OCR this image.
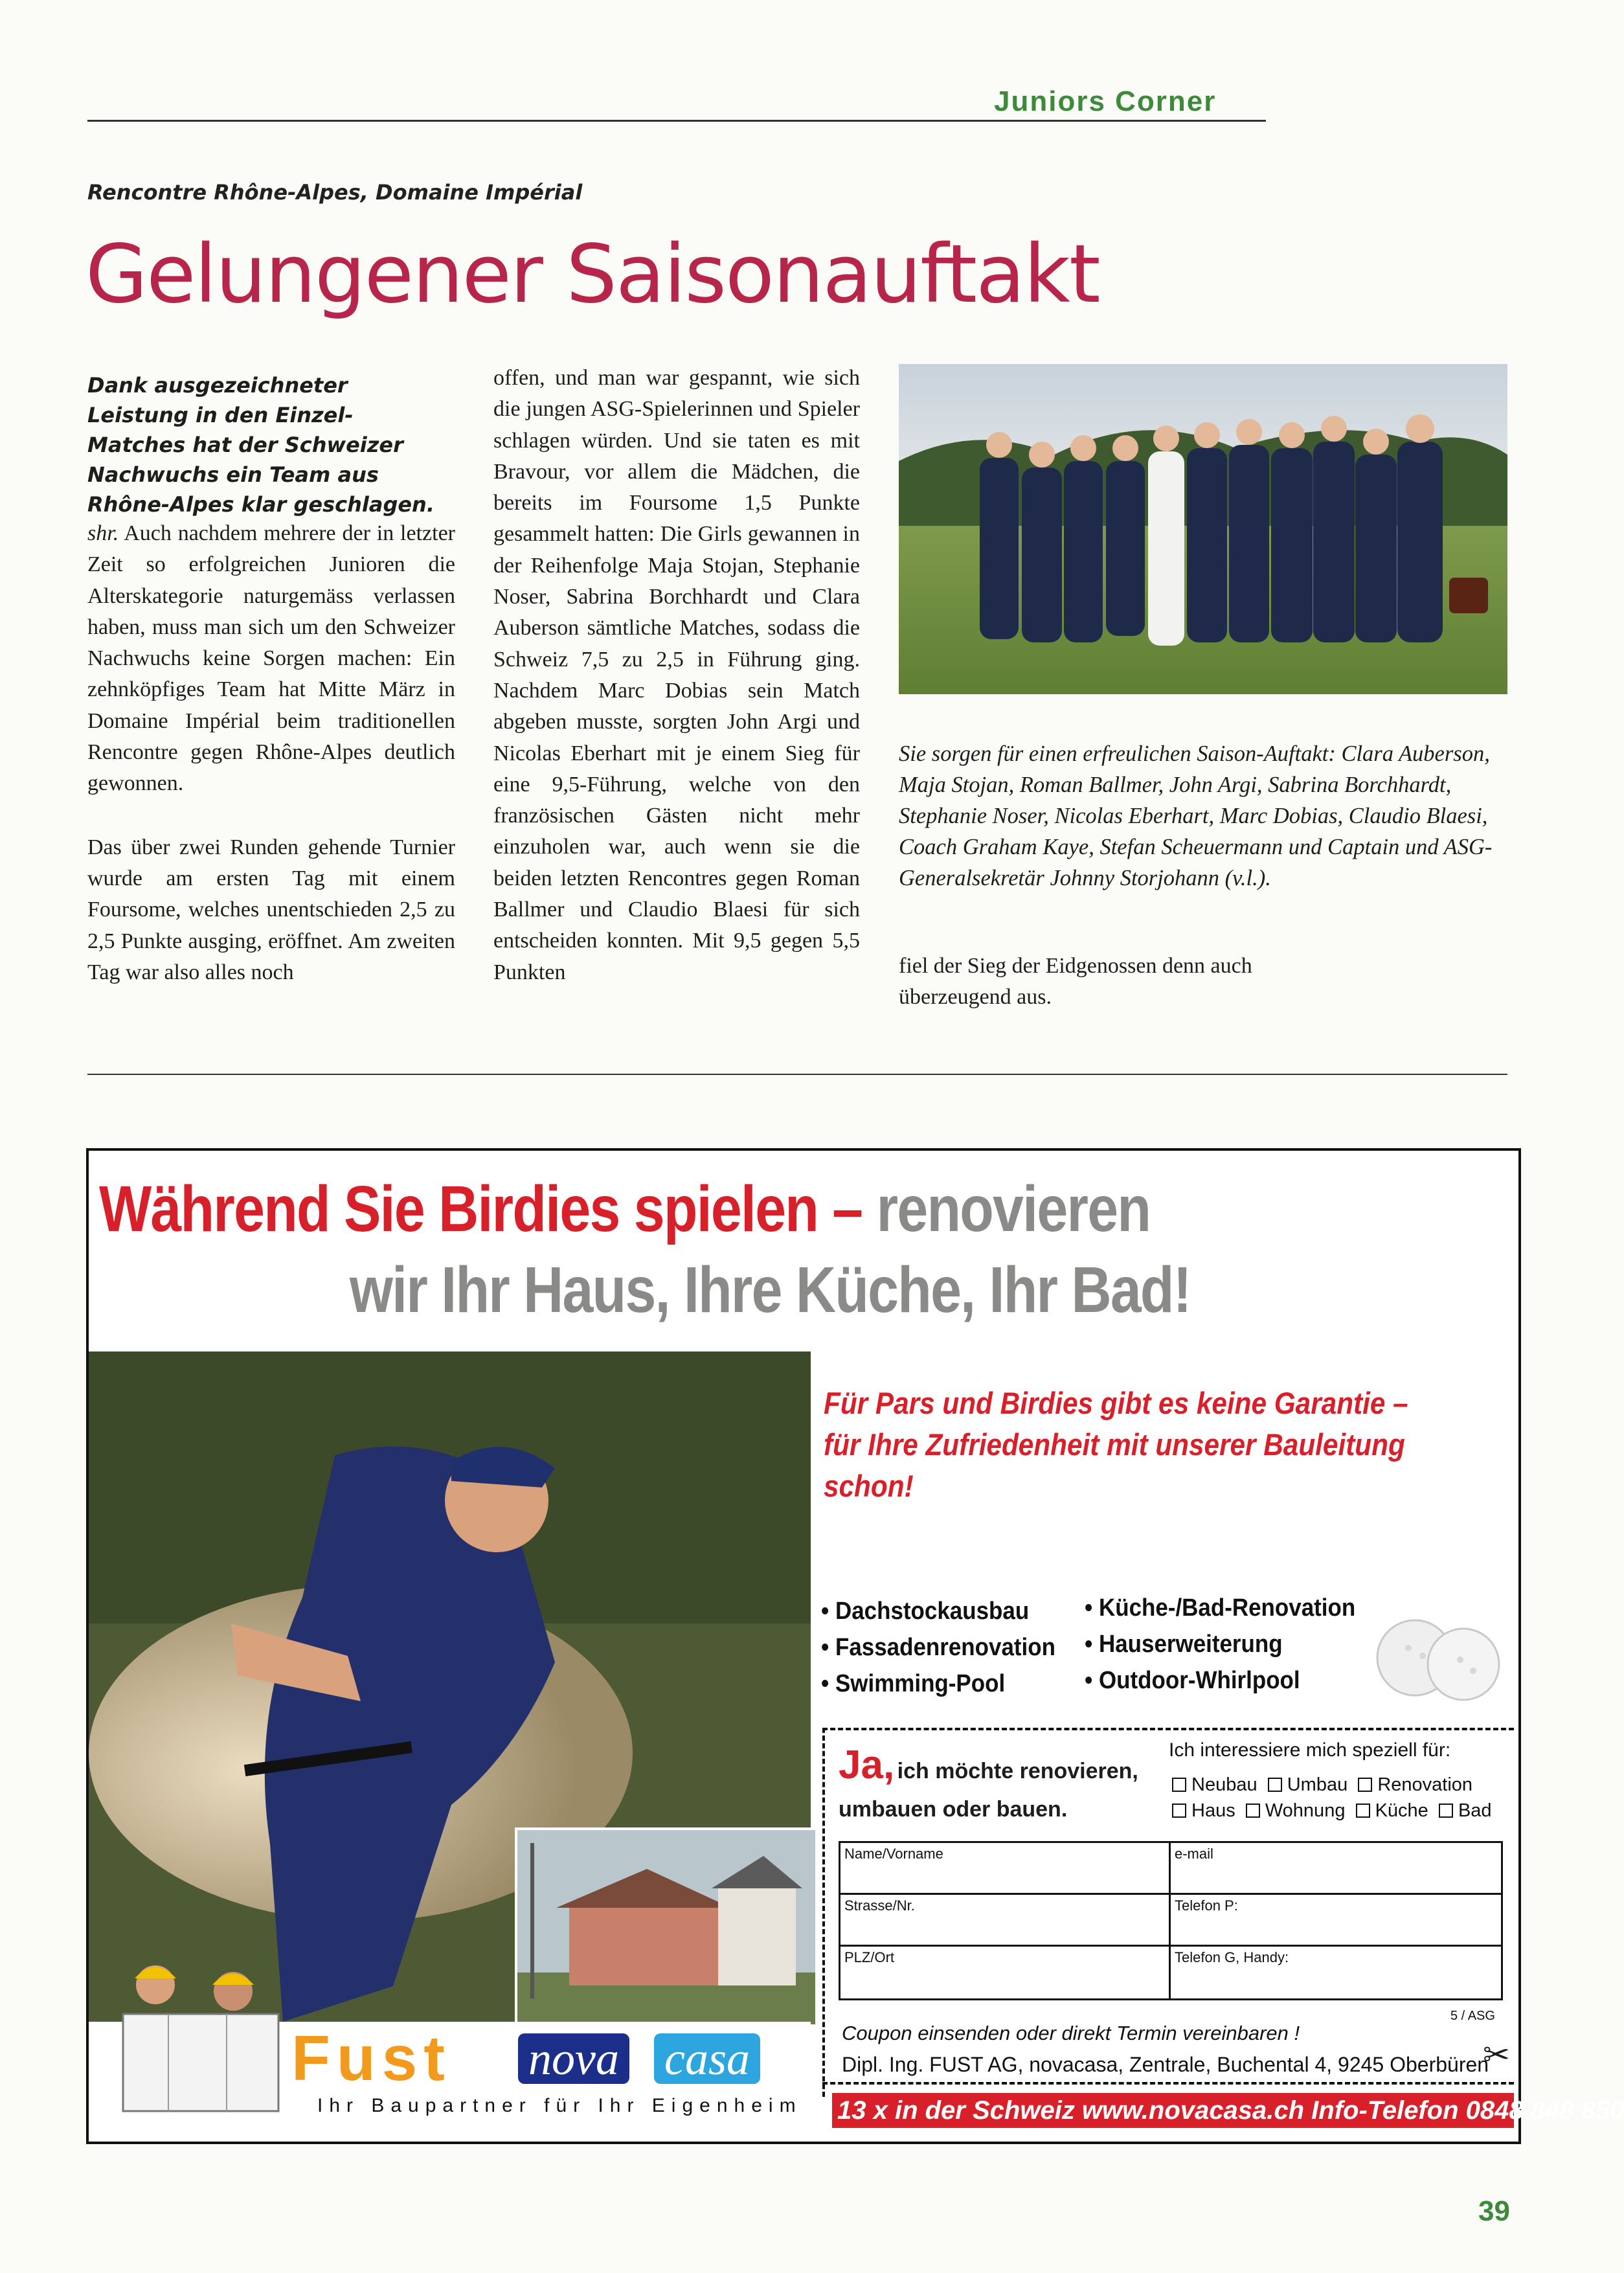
Juniors Corner
Rencontre Rhône-Alpes, Domaine Impérial
Gelungener Saisonauftakt
Dank ausgezeichneter Leistung in den Einzel-Matches hat der Schweizer Nachwuchs ein Team aus Rhône-Alpes klar geschlagen.

shr. Auch nachdem mehrere der in letzter Zeit so erfolgreichen Junioren die Alterskategorie naturgemäss verlassen haben, muss man sich um den Schweizer Nachwuchs keine Sorgen machen: Ein zehnköpfiges Team hat Mitte März in Domaine Impérial beim traditionellen Rencontre gegen Rhône-Alpes deutlich gewonnen.

Das über zwei Runden gehende Turnier wurde am ersten Tag mit einem Foursome, welches unentschieden 2,5 zu 2,5 Punkte ausging, eröffnet. Am zweiten Tag war also alles noch

offen, und man war gespannt, wie sich die jungen ASG-Spielerinnen und Spieler schlagen würden. Und sie taten es mit Bravour, vor allem die Mädchen, die bereits im Foursome 1,5 Punkte gesammelt hatten: Die Girls gewannen in der Reihenfolge Maja Stojan, Stephanie Noser, Sabrina Borchhardt und Clara Auberson sämtliche Matches, sodass die Schweiz 7,5 zu 2,5 in Führung ging. Nachdem Marc Dobias sein Match abgeben musste, sorgten John Argi und Nicolas Eberhart mit je einem Sieg für eine 9,5-Führung, welche von den französischen Gästen nicht mehr einzuholen war, auch wenn sie die beiden letzten Rencontres gegen Roman Ballmer und Claudio Blaesi für sich entscheiden konnten. Mit 9,5 gegen 5,5 Punkten

Sie sorgen für einen erfreulichen Saison-Auftakt: Clara Auberson, Maja Stojan, Roman Ballmer, John Argi, Sabrina Borchhardt, Stephanie Noser, Nicolas Eberhart, Marc Dobias, Claudio Blaesi, Coach Graham Kaye, Stefan Scheuermann und Captain und ASG-Generalsekretär Johnny Storjohann (v.l.).
fiel der Sieg der Eidgenossen denn auch überzeugend aus.
Während Sie Birdies spielen – renovieren
wir Ihr Haus, Ihre Küche, Ihr Bad!
Für Pars und Birdies gibt es keine Garantie –
für Ihre Zufriedenheit mit unserer Bauleitung
schon!
• Dachstockausbau
• Fassadenrenovation
• Swimming-Pool
• Küche-/Bad-Renovation
• Hauserweiterung
• Outdoor-Whirlpool
Ich interessiere mich speziell für:
Ja, ich möchte renovieren,
umbauen oder bauen.
Neubau Umbau Renovation
Haus Wohnung Küche Bad
Name/Vorname	e-mail
Strasse/Nr.	Telefon P:
PLZ/Ort	Telefon G, Handy:
5 / ASG
Coupon einsenden oder direkt Termin vereinbaren !
Dipl. Ing. FUST AG, novacasa, Zentrale, Buchental 4, 9245 Oberbüren
✂
13 x in der Schweiz www.novacasa.ch Info-Telefon 0848 848 850
Fust nova casa
Ihr Baupartner für Ihr Eigenheim
39
